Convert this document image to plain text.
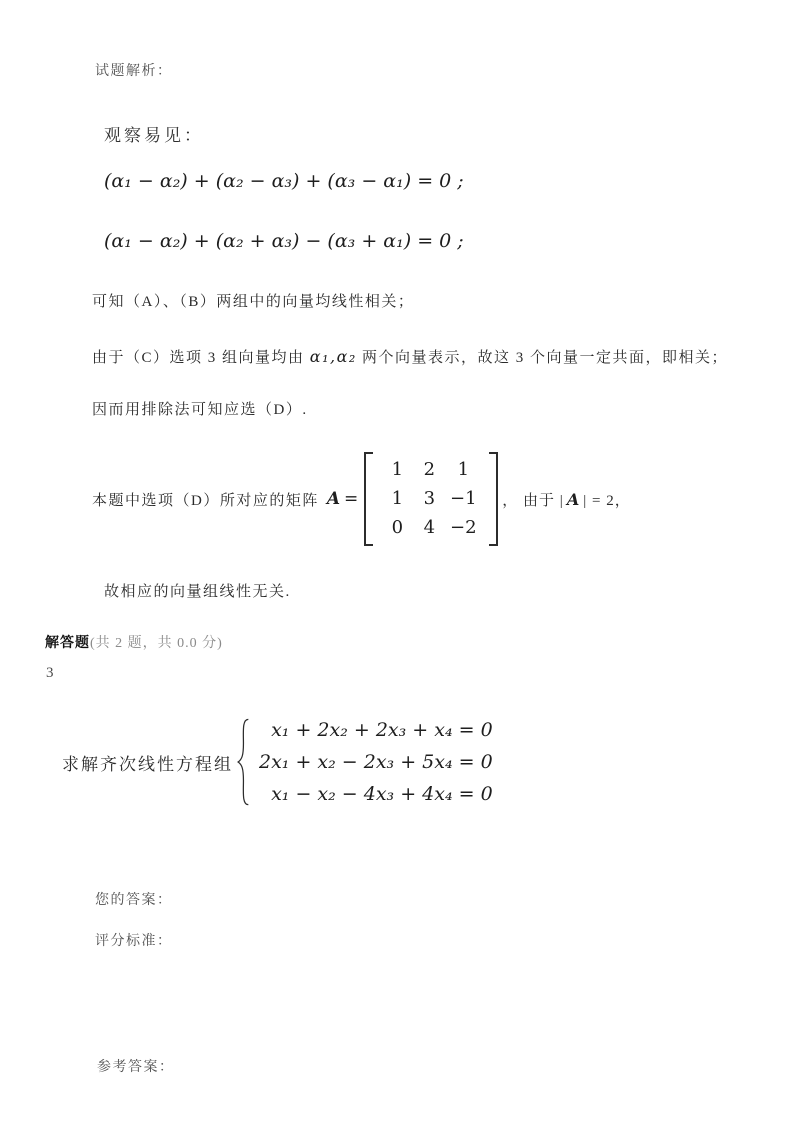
试题解析：
观察易见：
(α₁ − α₂) + (α₂ − α₃) + (α₃ − α₁) = 0 ;
(α₁ − α₂) + (α₂ + α₃) − (α₃ + α₁) = 0 ;
可知（A）、（B）两组中的向量均线性相关；
由于（C）选项 3 组向量均由 α₁,α₂ 两个向量表示，故这 3 个向量一定共面，即相关；
因而用排除法可知应选（D）.
本题中选项（D）所对应的矩阵 A =
1	2	1
1	3 −1
0	4 −2
， 由于 | A | = 2，
故相应的向量组线性无关.
解答题(共 2 题，共 0.0 分)
3
求解齐次线性方程组
x₁ + 2x₂ + 2x₃ + x₄ = 0
2x₁ + x₂ − 2x₃ + 5x₄ = 0
x₁ − x₂ − 4x₃ + 4x₄ = 0
您的答案：
评分标准：
参考答案：
